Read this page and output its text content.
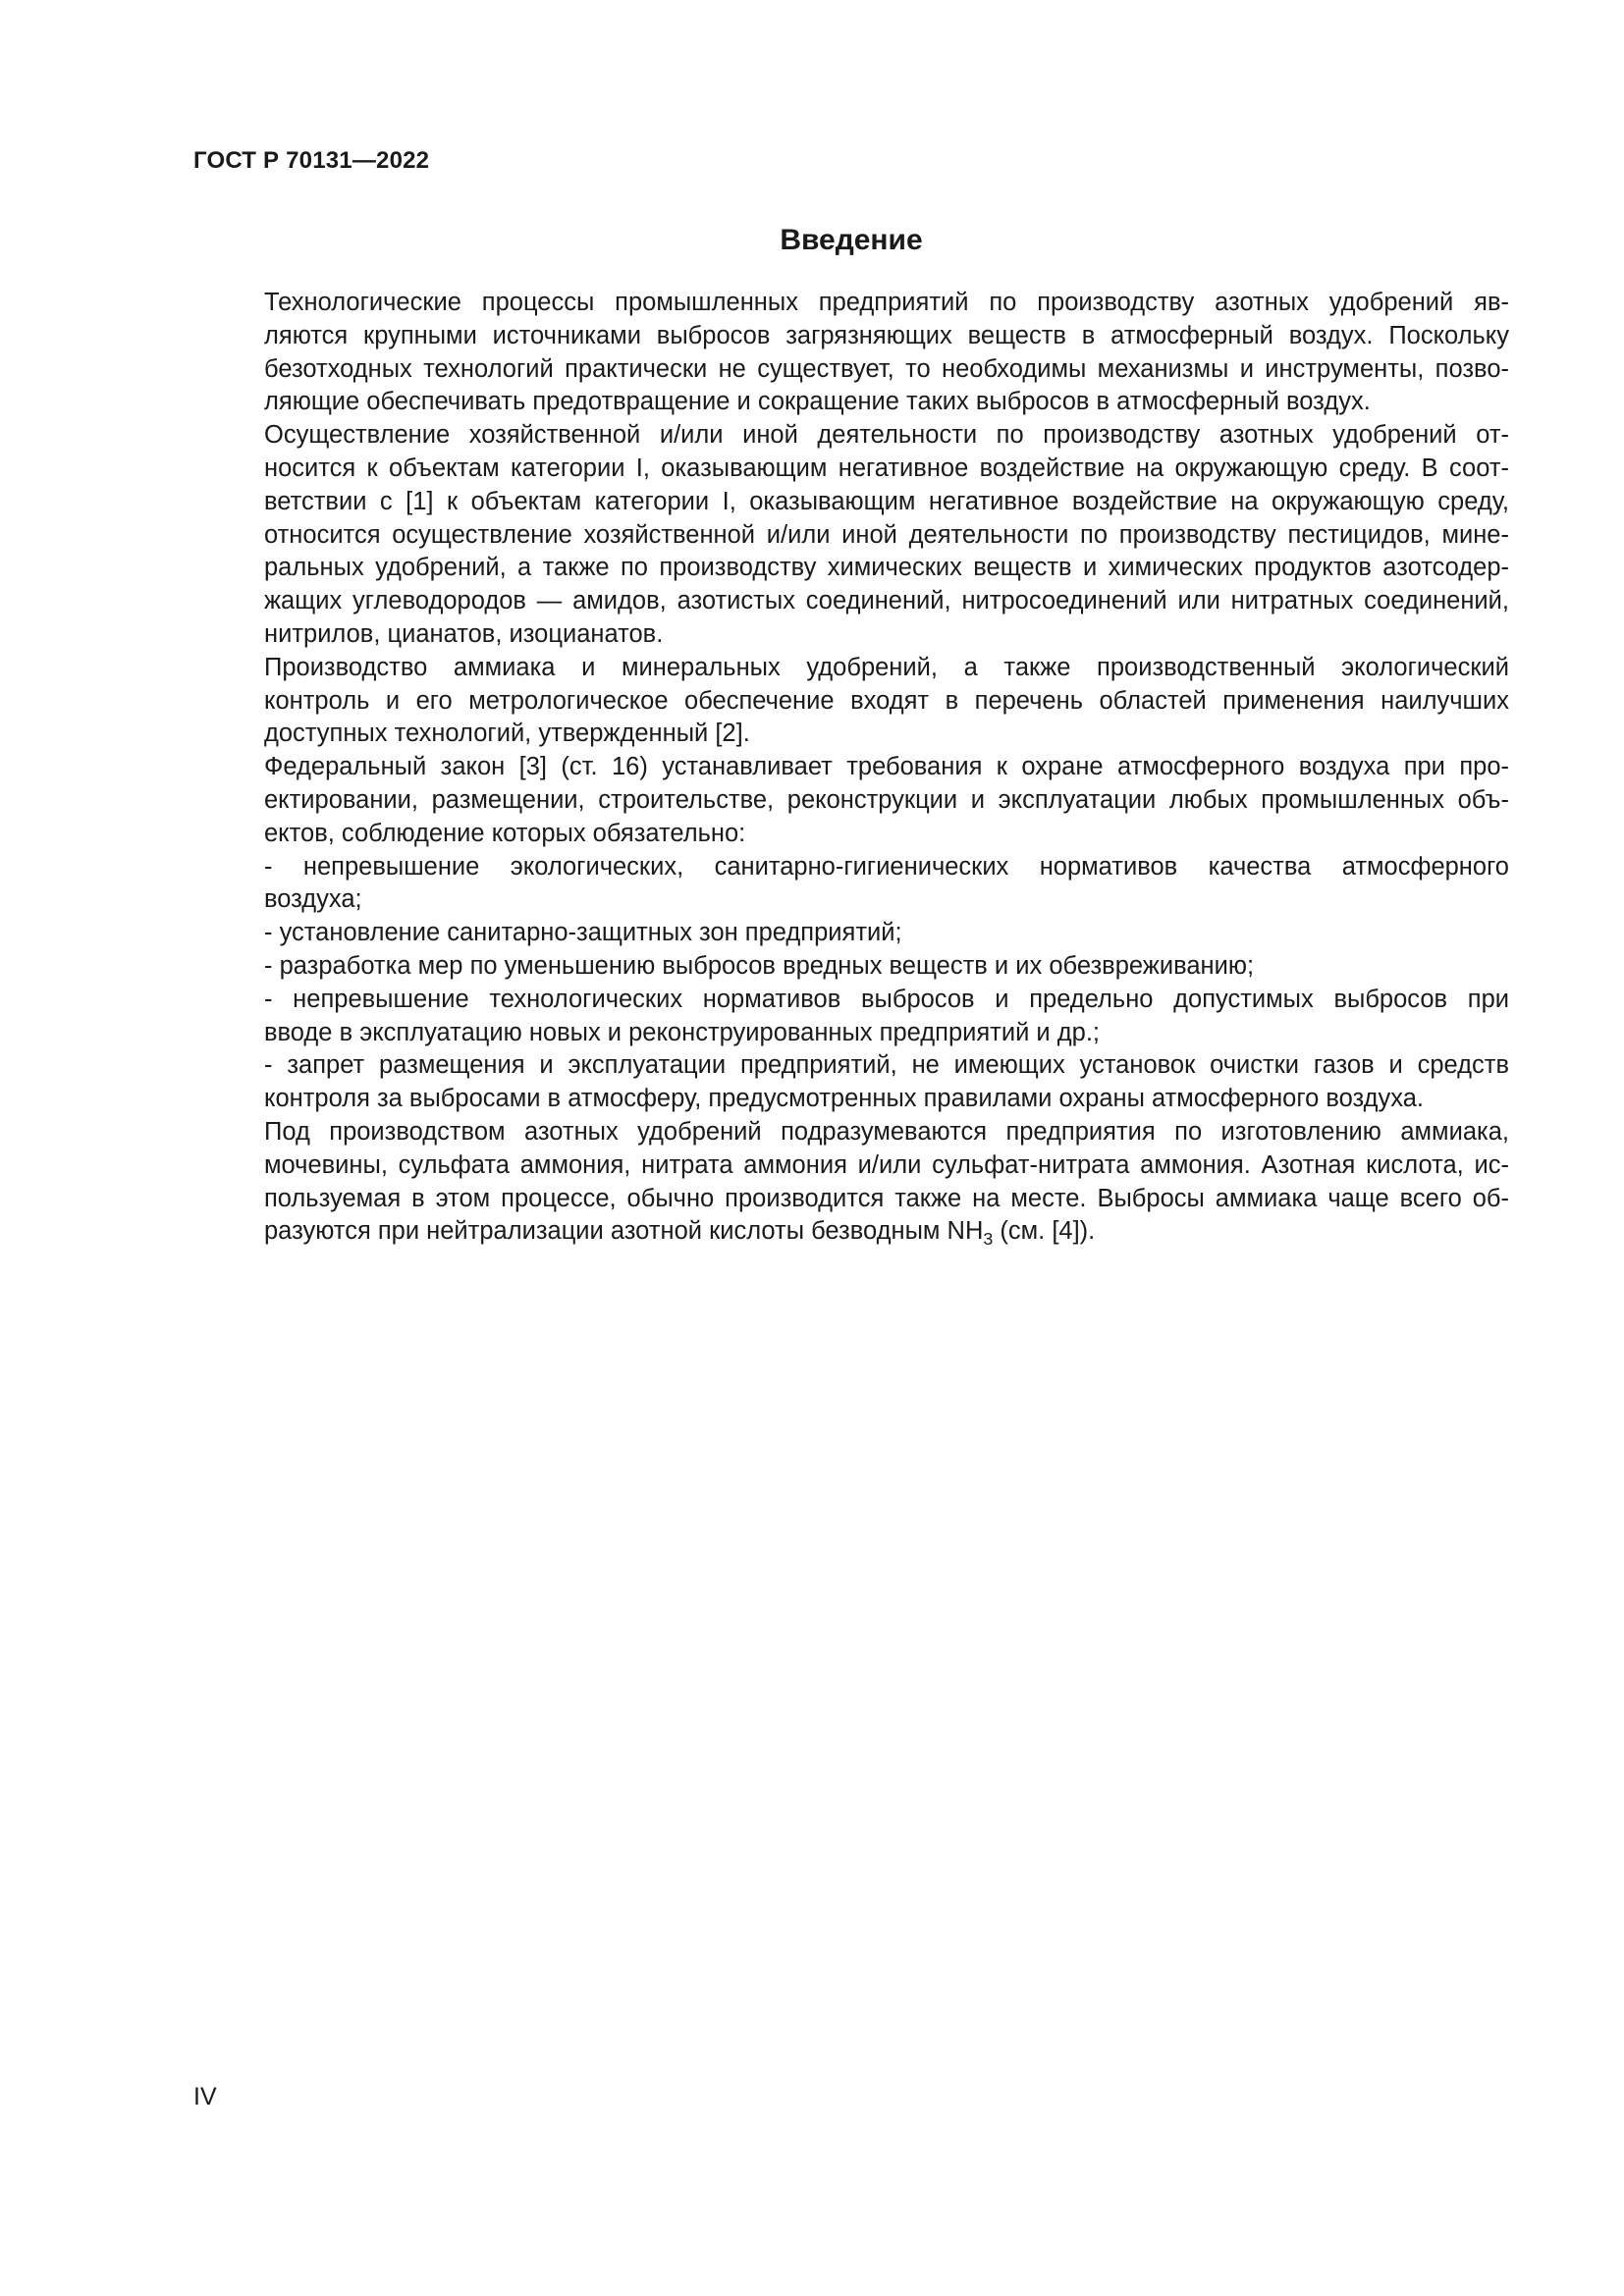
ГОСТ Р 70131—2022
Введение

Технологические процессы промышленных предприятий по производству азотных удобрений яв-
ляются крупными источниками выбросов загрязняющих веществ в атмосферный воздух. Поскольку
безотходных технологий практически не существует, то необходимы механизмы и инструменты, позво-
ляющие обеспечивать предотвращение и сокращение таких выбросов в атмосферный воздух.

Осуществление хозяйственной и/или иной деятельности по производству азотных удобрений от-
носится к объектам категории I, оказывающим негативное воздействие на окружающую среду. В соот-
ветствии с [1] к объектам категории I, оказывающим негативное воздействие на окружающую среду,
относится осуществление хозяйственной и/или иной деятельности по производству пестицидов, мине-
ральных удобрений, а также по производству химических веществ и химических продуктов азотсодер-
жащих углеводородов — амидов, азотистых соединений, нитросоединений или нитратных соединений,
нитрилов, цианатов, изоцианатов.

Производство аммиака и минеральных удобрений, а также производственный экологический
контроль и его метрологическое обеспечение входят в перечень областей применения наилучших
доступных технологий, утвержденный [2].

Федеральный закон [3] (ст. 16) устанавливает требования к охране атмосферного воздуха при про-
ектировании, размещении, строительстве, реконструкции и эксплуатации любых промышленных объ-
ектов, соблюдение которых обязательно:

- непревышение экологических, санитарно-гигиенических нормативов качества атмосферного
воздуха;

- установление санитарно-защитных зон предприятий;

- разработка мер по уменьшению выбросов вредных веществ и их обезвреживанию;

- непревышение технологических нормативов выбросов и предельно допустимых выбросов при
вводе в эксплуатацию новых и реконструированных предприятий и др.;

- запрет размещения и эксплуатации предприятий, не имеющих установок очистки газов и средств
контроля за выбросами в атмосферу, предусмотренных правилами охраны атмосферного воздуха.

Под производством азотных удобрений подразумеваются предприятия по изготовлению аммиака,
мочевины, сульфата аммония, нитрата аммония и/или сульфат-нитрата аммония. Азотная кислота, ис-
пользуемая в этом процессе, обычно производится также на месте. Выбросы аммиака чаще всего об-
разуются при нейтрализации азотной кислоты безводным $NH_3$ (см. [4]).

IV
